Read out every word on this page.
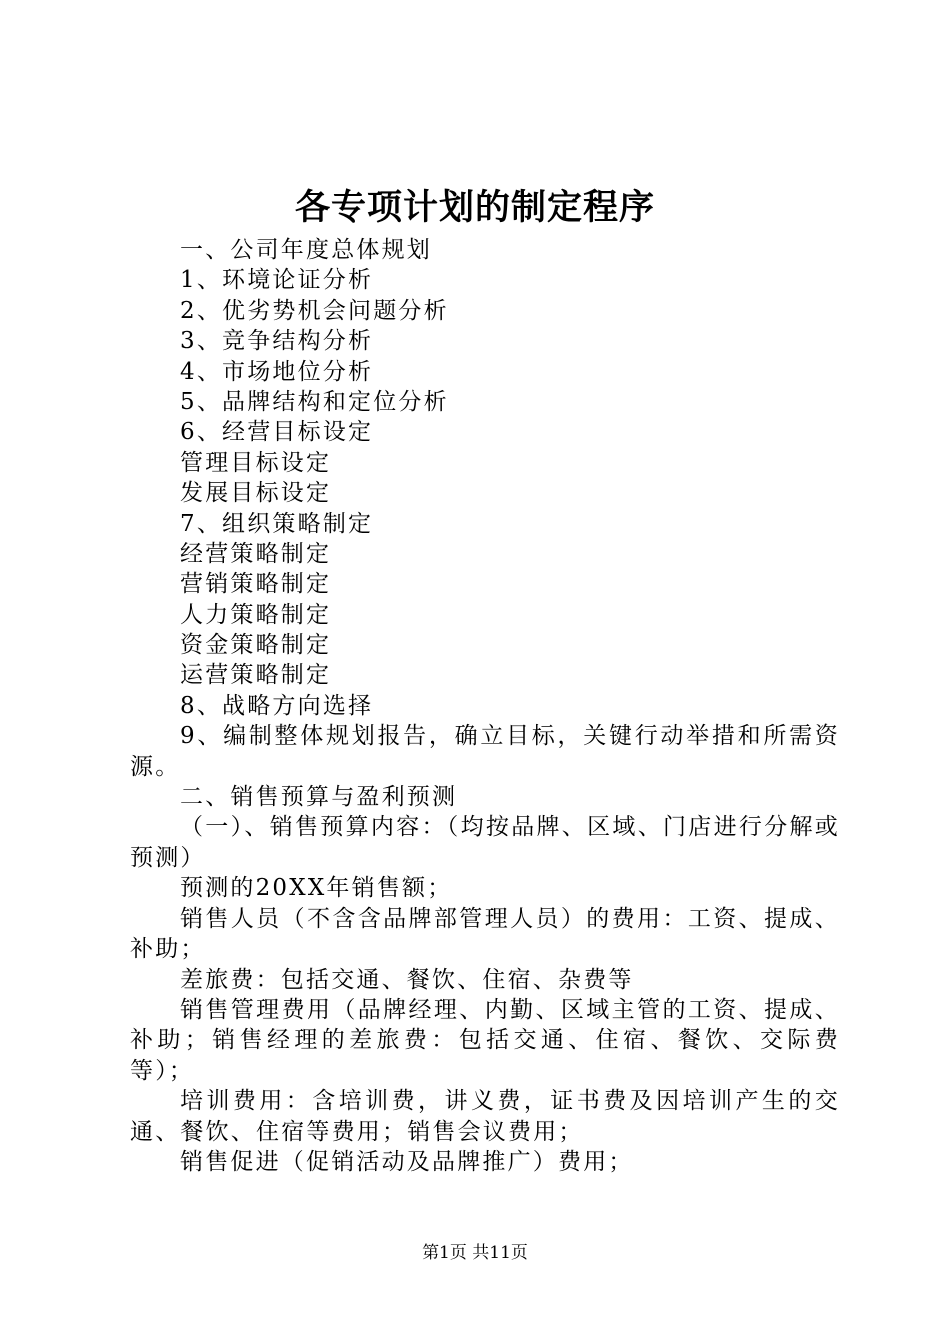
各专项计划的制定程序
一、公司年度总体规划
1、环境论证分析
2、优劣势机会问题分析
3、竞争结构分析
4、市场地位分析
5、品牌结构和定位分析
6、经营目标设定
管理目标设定
发展目标设定
7、组织策略制定
经营策略制定
营销策略制定
人力策略制定
资金策略制定
运营策略制定
8、战略方向选择
9、编制整体规划报告，确立目标，关键行动举措和所需资源。
二、销售预算与盈利预测
（一）、销售预算内容：（均按品牌、区域、门店进行分解或预测）
预测的20XX年销售额；
销售人员（不含含品牌部管理人员）的费用：工资、提成、补助；
差旅费：包括交通、餐饮、住宿、杂费等
销售管理费用（品牌经理、内勤、区域主管的工资、提成、补助；销售经理的差旅费：包括交通、住宿、餐饮、交际费等）；
培训费用：含培训费，讲义费，证书费及因培训产生的交通、餐饮、住宿等费用；销售会议费用；
销售促进（促销活动及品牌推广）费用；
第1页 共11页
